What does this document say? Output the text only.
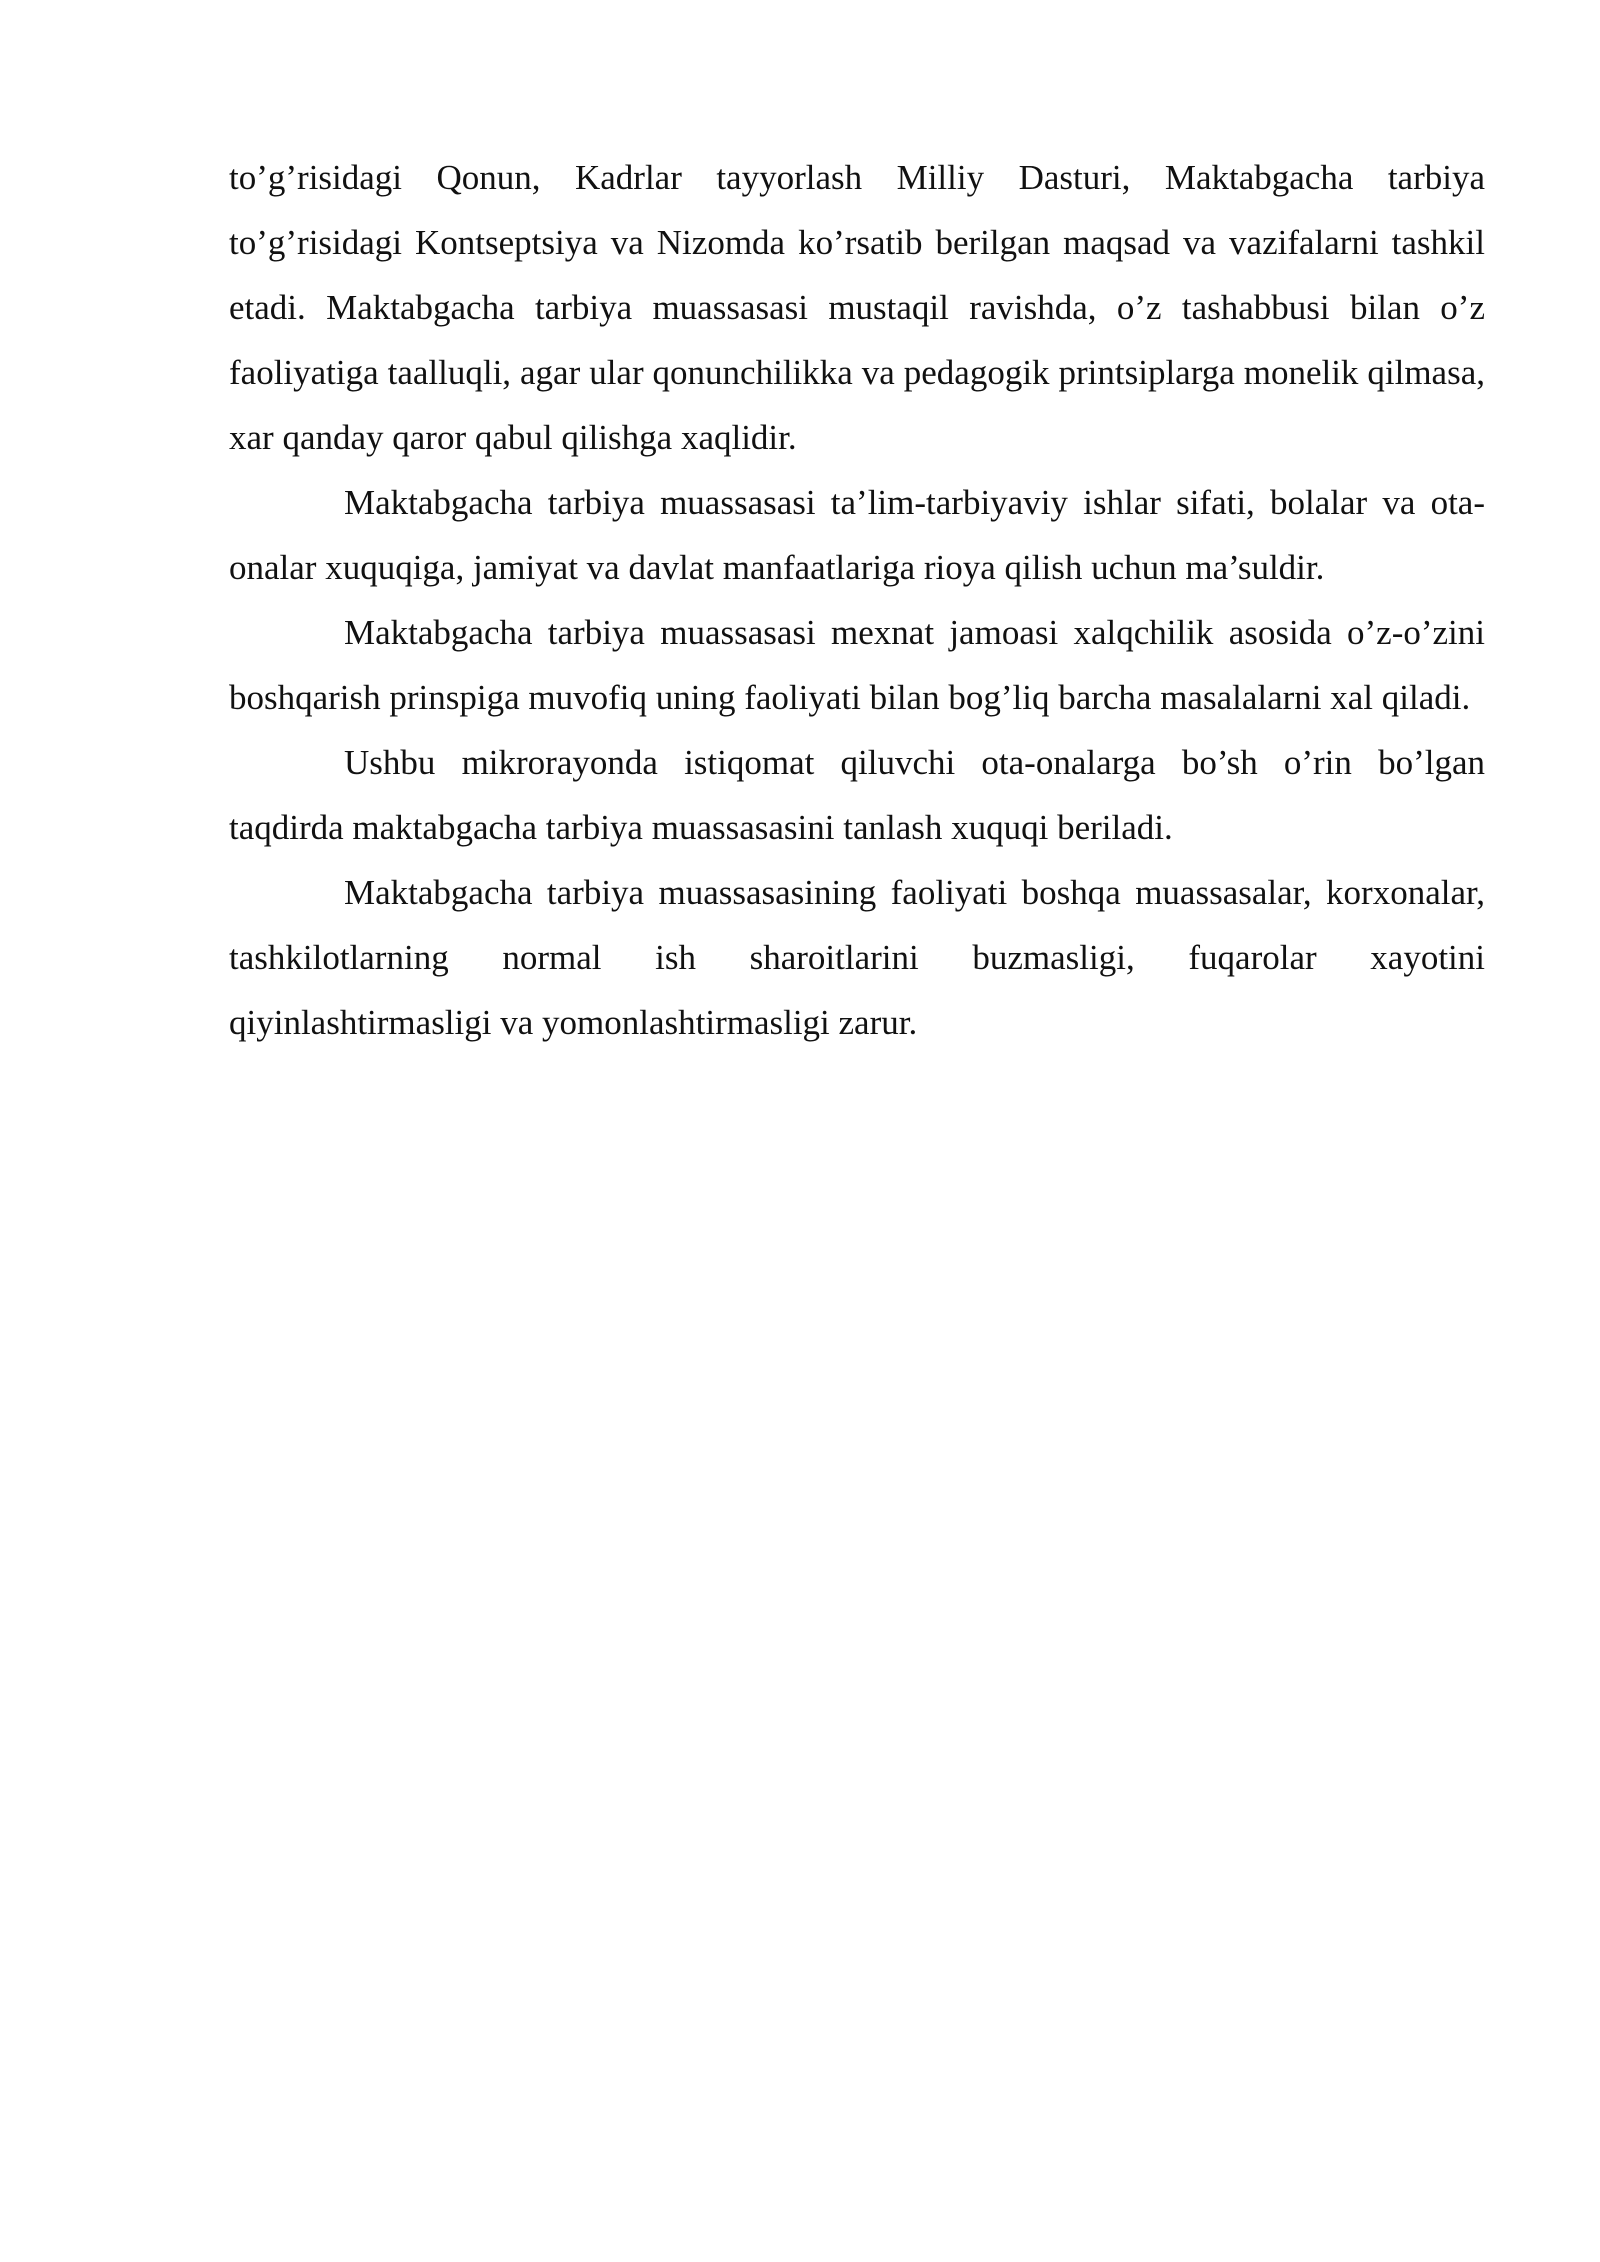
to’g’risidagi Qonun, Kadrlar tayyorlash Milliy Dasturi, Maktabgacha tarbiya to’g’risidagi Kontseptsiya va Nizomda ko’rsatib berilgan maqsad va vazifalarni tashkil etadi. Maktabgacha tarbiya muassasasi mustaqil ravishda, o’z tashabbusi bilan o’z faoliyatiga taalluqli, agar ular qonunchilikka va pedagogik printsiplarga monelik qilmasa, xar qanday qaror qabul qilishga xaqlidir.

Maktabgacha tarbiya muassasasi ta’lim-tarbiyaviy ishlar sifati, bolalar va ota-onalar xuquqiga, jamiyat va davlat manfaatlariga rioya qilish uchun ma’suldir.

Maktabgacha tarbiya muassasasi mexnat jamoasi xalqchilik asosida o’z-o’zini boshqarish prinspiga muvofiq uning faoliyati bilan bog’liq barcha masalalarni xal qiladi.

Ushbu mikrorayonda istiqomat qiluvchi ota-onalarga bo’sh o’rin bo’lgan taqdirda maktabgacha tarbiya muassasasini tanlash xuquqi beriladi.

Maktabgacha tarbiya muassasasining faoliyati boshqa muassasalar, korxonalar, tashkilotlarning normal ish sharoitlarini buzmasligi, fuqarolar xayotini qiyinlashtirmasligi va yomonlashtirmasligi zarur.
